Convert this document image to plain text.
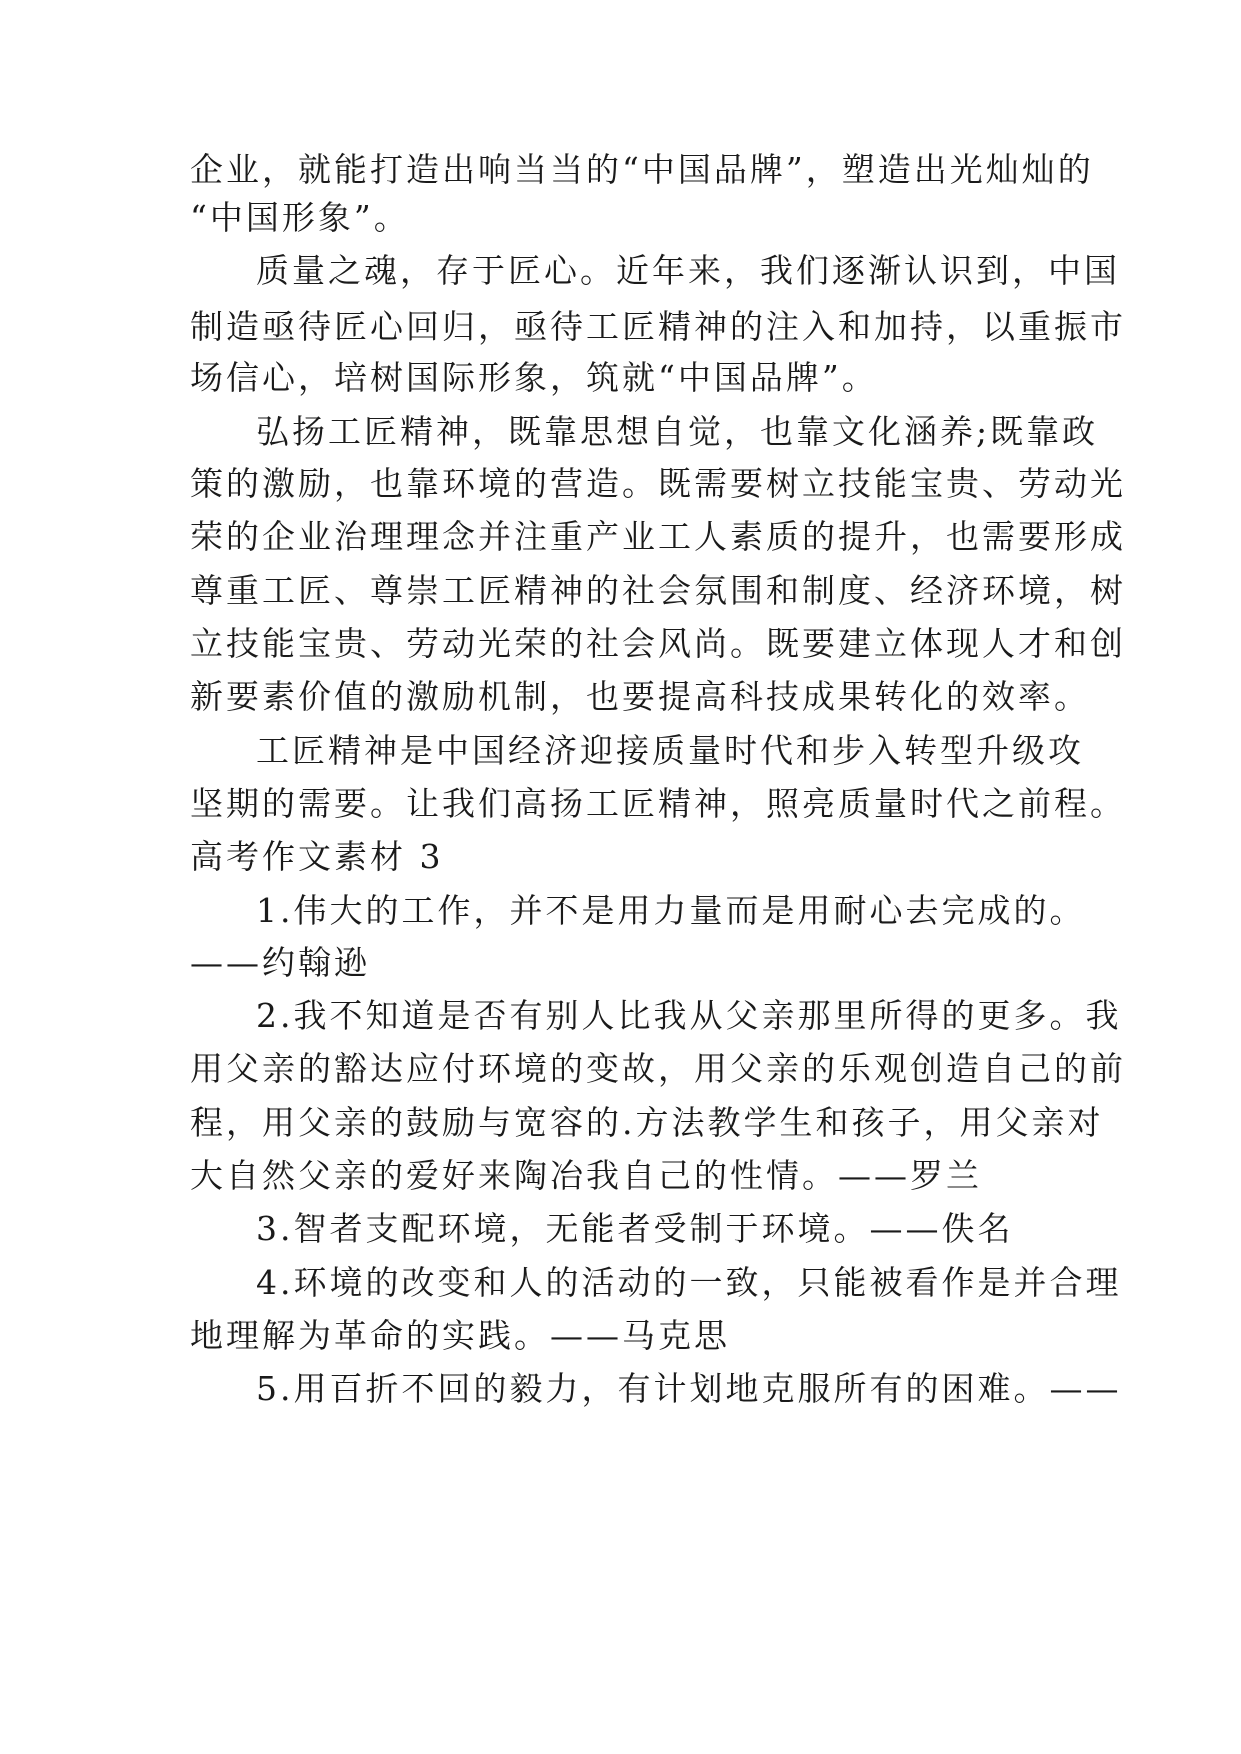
企业，就能打造出响当当的“中国品牌”，塑造出光灿灿的
“中国形象”。
质量之魂，存于匠心。近年来，我们逐渐认识到，中国
制造亟待匠心回归，亟待工匠精神的注入和加持，以重振市
场信心，培树国际形象，筑就“中国品牌”。
弘扬工匠精神，既靠思想自觉，也靠文化涵养;既靠政
策的激励，也靠环境的营造。既需要树立技能宝贵、劳动光
荣的企业治理理念并注重产业工人素质的提升，也需要形成
尊重工匠、尊崇工匠精神的社会氛围和制度、经济环境，树
立技能宝贵、劳动光荣的社会风尚。既要建立体现人才和创
新要素价值的激励机制，也要提高科技成果转化的效率。
工匠精神是中国经济迎接质量时代和步入转型升级攻
坚期的需要。让我们高扬工匠精神，照亮质量时代之前程。
高考作文素材 3
1.伟大的工作，并不是用力量而是用耐心去完成的。
——约翰逊
2.我不知道是否有别人比我从父亲那里所得的更多。我
用父亲的豁达应付环境的变故，用父亲的乐观创造自己的前
程，用父亲的鼓励与宽容的.方法教学生和孩子，用父亲对
大自然父亲的爱好来陶冶我自己的性情。——罗兰
3.智者支配环境，无能者受制于环境。——佚名
4.环境的改变和人的活动的一致，只能被看作是并合理
地理解为革命的实践。——马克思
5.用百折不回的毅力，有计划地克服所有的困难。——
